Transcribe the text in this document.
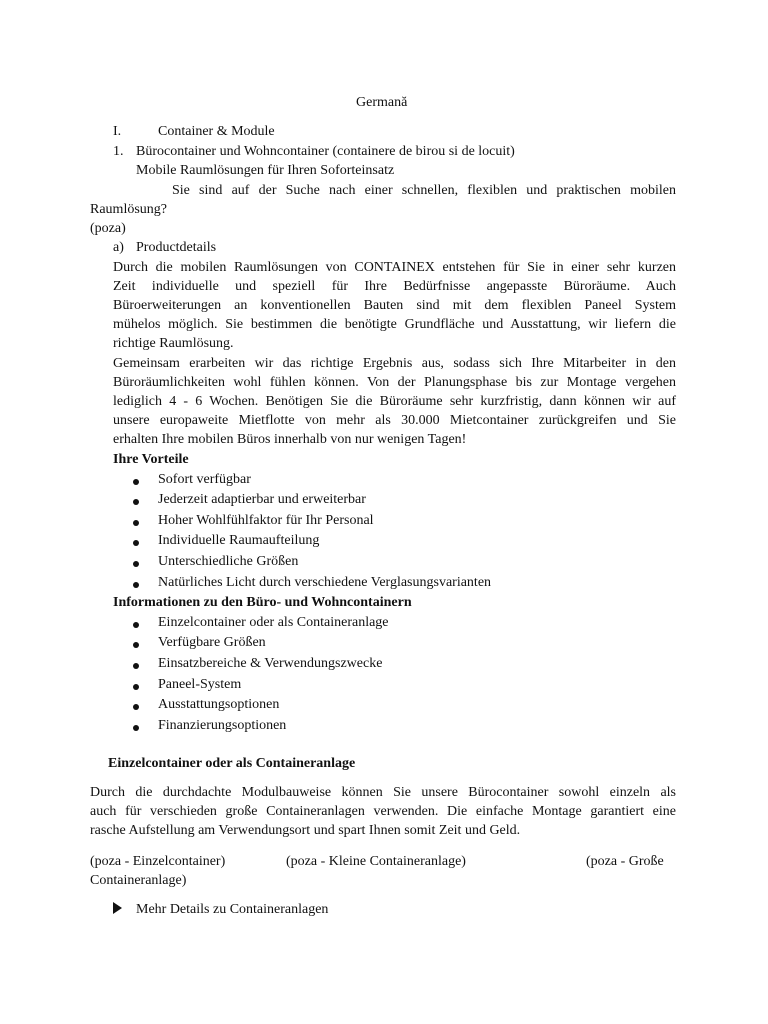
Germană
I.	Container & Module
1. Bürocontainer und Wohncontainer (containere de birou si de locuit)
Mobile Raumlösungen für Ihren Soforteinsatz
Sie sind auf der Suche nach einer schnellen, flexiblen und praktischen mobilen
Raumlösung?
(poza)
a) Productdetails
Durch die mobilen Raumlösungen von CONTAINEX entstehen für Sie in einer sehr kurzen
Zeit individuelle und speziell für Ihre Bedürfnisse angepasste Büroräume. Auch
Büroerweiterungen an konventionellen Bauten sind mit dem flexiblen Paneel System
mühelos möglich. Sie bestimmen die benötigte Grundfläche und Ausstattung, wir liefern die
richtige Raumlösung.
Gemeinsam erarbeiten wir das richtige Ergebnis aus, sodass sich Ihre Mitarbeiter in den
Büroräumlichkeiten wohl fühlen können. Von der Planungsphase bis zur Montage vergehen
lediglich 4 - 6 Wochen. Benötigen Sie die Büroräume sehr kurzfristig, dann können wir auf
unsere europaweite Mietflotte von mehr als 30.000 Mietcontainer zurückgreifen und Sie
erhalten Ihre mobilen Büros innerhalb von nur wenigen Tagen!
Ihre Vorteile
Sofort verfügbar
Jederzeit adaptierbar und erweiterbar
Hoher Wohlfühlfaktor für Ihr Personal
Individuelle Raumaufteilung
Unterschiedliche Größen
Natürliches Licht durch verschiedene Verglasungsvarianten
Informationen zu den Büro- und Wohncontainern
Einzelcontainer oder als Containeranlage
Verfügbare Größen
Einsatzbereiche & Verwendungszwecke
Paneel-System
Ausstattungsoptionen
Finanzierungsoptionen
Einzelcontainer oder als Containeranlage
Durch die durchdachte Modulbauweise können Sie unsere Bürocontainer sowohl einzeln als
auch für verschieden große Containeranlagen verwenden. Die einfache Montage garantiert eine
rasche Aufstellung am Verwendungsort und spart Ihnen somit Zeit und Geld.
(poza - Einzelcontainer)	(poza - Kleine Containeranlage)	(poza - Große
Containeranlage)
Mehr Details zu Containeranlagen
